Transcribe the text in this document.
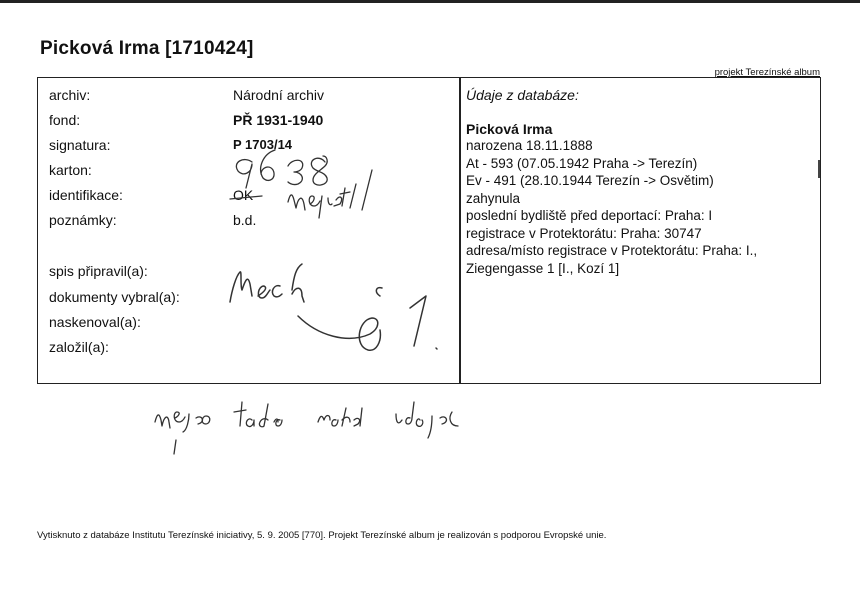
Picková Irma [1710424]
projekt Terezínské album
archiv:	Národní archiv
fond:	PŘ 1931-1940
signatura:	P 1703/14
karton:
identifikace:	OK
poznámky:	b.d.
spis připravil(a):
dokumenty vybral(a):
naskenoval(a):
založil(a):
Údaje z databáze:
Picková Irma
narozena 18.11.1888
At - 593 (07.05.1942 Praha -> Terezín)
Ev - 491 (28.10.1944 Terezín -> Osvětim)
zahynula
poslední bydliště před deportací: Praha: I
registrace v Protektorátu: Praha: 30747
adresa/místo registrace v Protektorátu: Praha: I.,
Ziegengasse 1 [I., Kozí 1]
Vytisknuto z databáze Institutu Terezínské iniciativy, 5. 9. 2005 [770]. Projekt Terezínské album je realizován s podporou Evropské unie.
